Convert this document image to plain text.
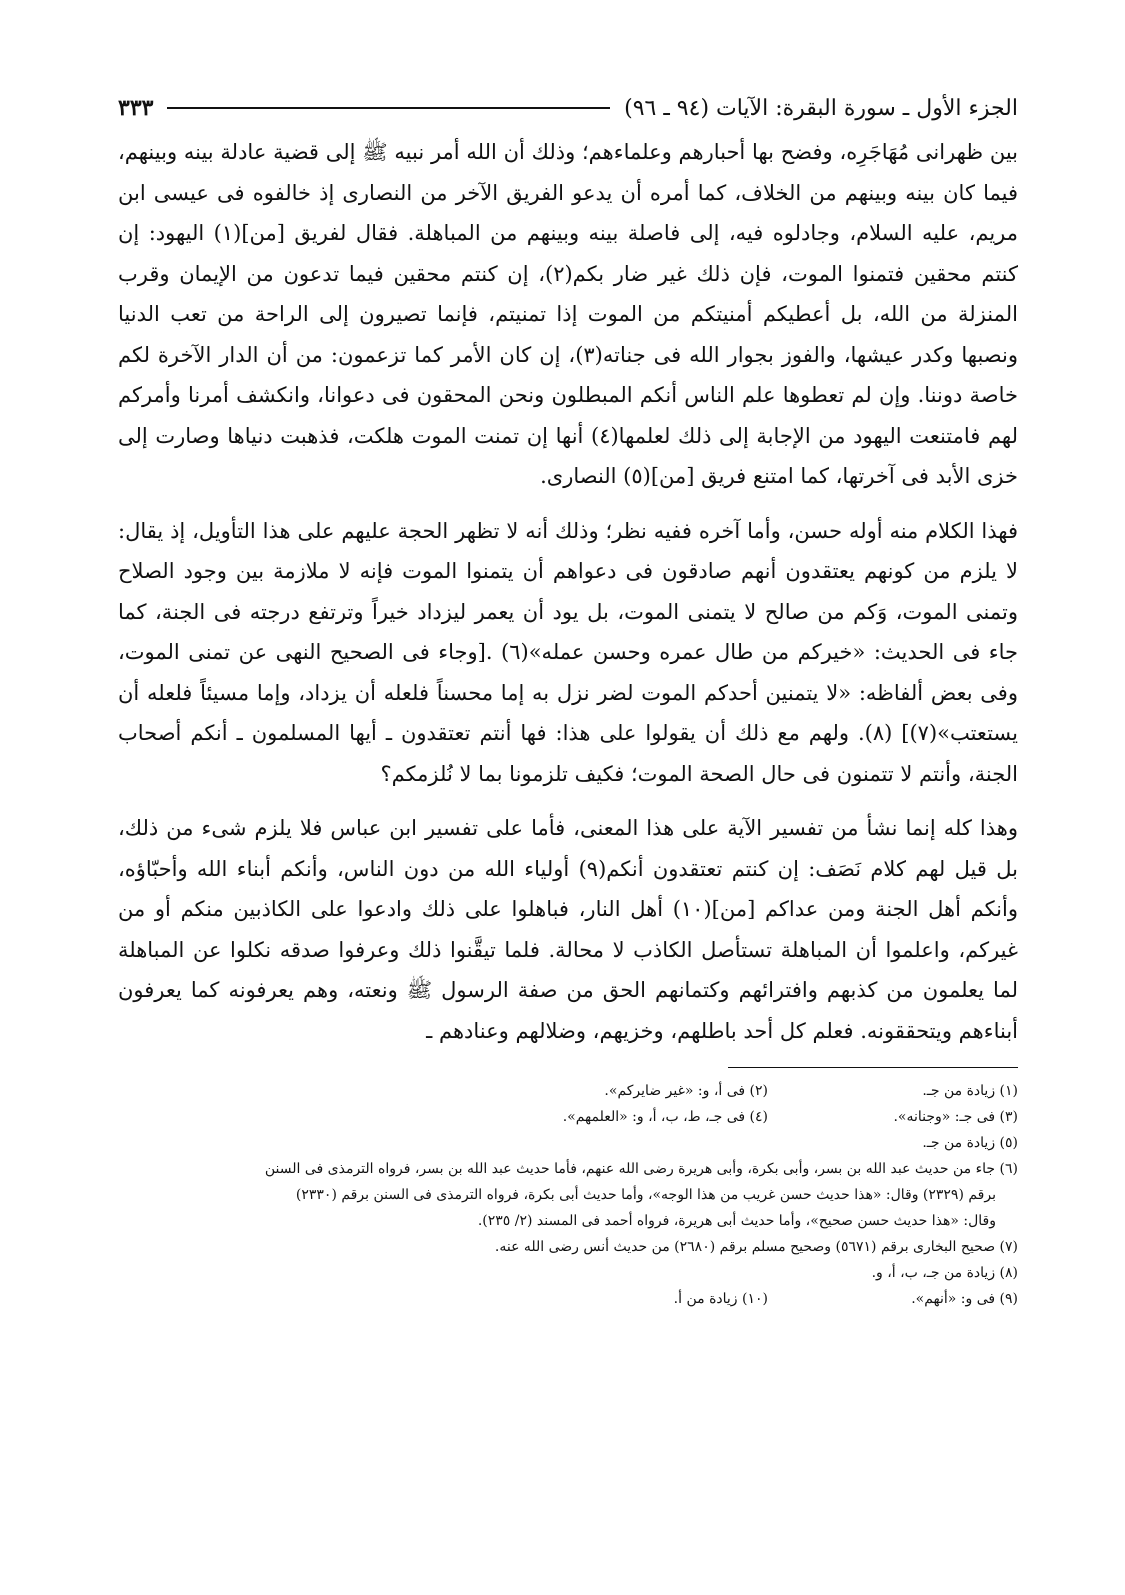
الجزء الأول ـ سورة البقرة: الآيات (٩٤ ـ ٩٦)
٣٣٣

بين ظهرانى مُهَاجَرِه، وفضح بها أحبارهم وعلماءهم؛ وذلك أن الله أمر نبيه ﷺ إلى قضية عادلة بينه وبينهم، فيما كان بينه وبينهم من الخلاف، كما أمره أن يدعو الفريق الآخر من النصارى إذ خالفوه فى عيسى ابن مريم، عليه السلام، وجادلوه فيه، إلى فاصلة بينه وبينهم من المباهلة. فقال لفريق [من](١) اليهود: إن كنتم محقين فتمنوا الموت، فإن ذلك غير ضار بكم(٢)، إن كنتم محقين فيما تدعون من الإيمان وقرب المنزلة من الله، بل أعطيكم أمنيتكم من الموت إذا تمنيتم، فإنما تصيرون إلى الراحة من تعب الدنيا ونصبها وكدر عيشها، والفوز بجوار الله فى جناته(٣)، إن كان الأمر كما تزعمون: من أن الدار الآخرة لكم خاصة دوننا. وإن لم تعطوها علم الناس أنكم المبطلون ونحن المحقون فى دعوانا، وانكشف أمرنا وأمركم لهم فامتنعت اليهود من الإجابة إلى ذلك لعلمها(٤) أنها إن تمنت الموت هلكت، فذهبت دنياها وصارت إلى خزى الأبد فى آخرتها، كما امتنع فريق [من](٥) النصارى.

فهذا الكلام منه أوله حسن، وأما آخره ففيه نظر؛ وذلك أنه لا تظهر الحجة عليهم على هذا التأويل، إذ يقال: لا يلزم من كونهم يعتقدون أنهم صادقون فى دعواهم أن يتمنوا الموت فإنه لا ملازمة بين وجود الصلاح وتمنى الموت، وَكم من صالح لا يتمنى الموت، بل يود أن يعمر ليزداد خيراً وترتفع درجته فى الجنة، كما جاء فى الحديث: «خيركم من طال عمره وحسن عمله»(٦) .[وجاء فى الصحيح النهى عن تمنى الموت، وفى بعض ألفاظه: «لا يتمنين أحدكم الموت لضر نزل به إما محسناً فلعله أن يزداد، وإما مسيئاً فلعله أن يستعتب»(٧)] (٨). ولهم مع ذلك أن يقولوا على هذا: فها أنتم تعتقدون ـ أيها المسلمون ـ أنكم أصحاب الجنة، وأنتم لا تتمنون فى حال الصحة الموت؛ فكيف تلزمونا بما لا نُلزمكم؟

وهذا كله إنما نشأ من تفسير الآية على هذا المعنى، فأما على تفسير ابن عباس فلا يلزم شىء من ذلك، بل قيل لهم كلام نَصَف: إن كنتم تعتقدون أنكم(٩) أولياء الله من دون الناس، وأنكم أبناء الله وأحبّاؤه، وأنكم أهل الجنة ومن عداكم [من](١٠) أهل النار، فباهلوا على ذلك وادعوا على الكاذبين منكم أو من غيركم، واعلموا أن المباهلة تستأصل الكاذب لا محالة. فلما تيقَّنوا ذلك وعرفوا صدقه نكلوا عن المباهلة لما يعلمون من كذبهم وافترائهم وكتمانهم الحق من صفة الرسول ﷺ ونعته، وهم يعرفونه كما يعرفون أبناءهم ويتحققونه. فعلم كل أحد باطلهم، وخزيهم، وضلالهم وعنادهم ـ

(١) زيادة من جـ.
(٢) فى أ، و: «غير ضايركم».
(٣) فى جـ: «وجنانه».
(٤) فى جـ، ط، ب، أ، و: «العلمهم».
(٥) زيادة من جـ.
(٦) جاء من حديث عبد الله بن بسر، وأبى بكرة، وأبى هريرة رضى الله عنهم، فأما حديث عبد الله بن بسر، فرواه الترمذى فى السنن
برقم (٢٣٢٩) وقال: «هذا حديث حسن غريب من هذا الوجه»، وأما حديث أبى بكرة، فرواه الترمذى فى السنن برقم (٢٣٣٠)
وقال: «هذا حديث حسن صحيح»، وأما حديث أبى هريرة، فرواه أحمد فى المسند (٢/ ٢٣٥).
(٧) صحيح البخارى برقم (٥٦٧١) وصحيح مسلم برقم (٢٦٨٠) من حديث أنس رضى الله عنه.
(٨) زيادة من جـ، ب، أ، و.
(٩) فى و: «أنهم».
(١٠) زيادة من أ.
